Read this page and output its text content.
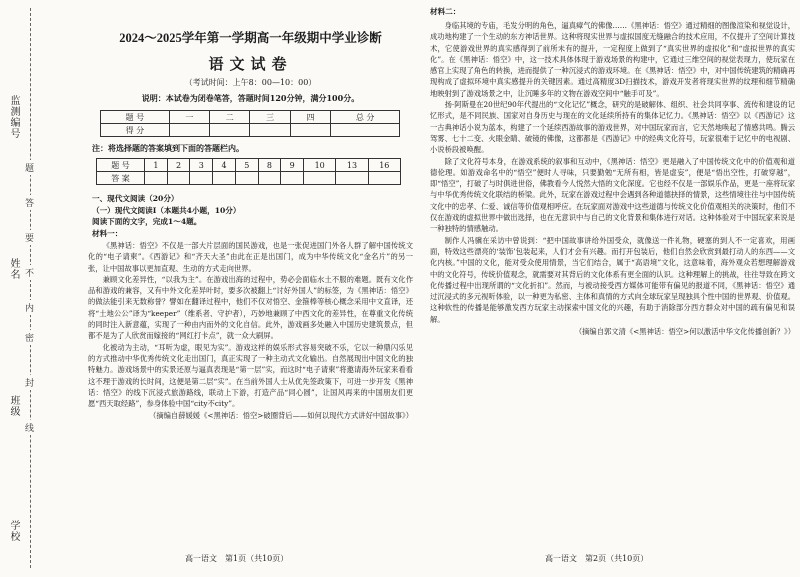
监测编号
姓名
班级
学校
密
封
线
内
不
要
答
题
2024～2025学年第一学期高一年级期中学业诊断
语文试卷
（考试时间：上午8：00—10：00）
说明：本试卷为闭卷笔答，答题时间120分钟，满分100分。
题 号	一	二	三	四	总 分
得 分					
注：将选择题的答案填到下面的答题栏内。
题 号	1	2	3	4	5	8	9	10	13	16
答 案										
一、现代文阅读（20分）
（一）现代文阅读Ⅰ（本题共4小题，10分）
阅读下面的文字，完成1～4题。
材料一：

《黑神话：悟空》不仅是一部大片层面的国民游戏，也是一张促进国门外各人群了解中国传统文化的“电子请柬”。《西游记》和“齐天大圣”由此在正是出国门，成为中华传统文化“金名片”的另一张，让中国故事以更加直观、生动的方式走向世界。

兼顾文化差异性，“以我为主”。在游戏出海的过程中，势必会面临水土不服的难题。既有文化作品和游戏的兼容，又有中外文化差异叶时，要多次被翻上“讨好外国人”的标签，为《黑神话：悟空》的做法能引来无数称誉？譬如在翻译过程中，他们不仅对悟空、金箍棒等核心概念采用中文直译，还将“土地公公”译为“keeper”（维系者、守护者），巧妙地兼顾了中西文化的差异性，在尊重文化传统的同时注入新意蕴，实现了一种由内而外的文化自信。此外，游戏画多处融入中国历史建筑景点，但都不是为了人欣赏而嫁接的“网红打卡点”，就一众大刷屏。

化被动为主动，“耳听为虚，眼见为实”。游戏这样的娱乐形式容易突破不乐，它以一种鼎闪乐见的方式推动中华优秀传统文化走出国门，真正实现了一种主动式文化输出。自然展现出中国文化的独特魅力。游戏场景中的实景还原与逼真表现是“第一层”实，而这时“电子请柬”将邀请海外玩家来看看这不理于游戏的长时间，这便是第二层“实”。在当前外国人士从优先签政策下，可进一步开发《黑神话：悟空》的线下沉浸式旅游路线，联动上下游，打造产品“同心圆”，让国风再来的中国朋友们更愿“西天取经路”，参身体验中国“city不city”。

（摘编自薛媛媛《<黑神话：悟空>破圈背后——如何以现代方式讲好中国故事》）
材料二：

身临其境的专庙，毛发分明的角色，逼真瘴气的佛像……《黑神话：悟空》通过精细的图像渲染和视觉设计，成功地构建了一个生动的东方神话世界。这种将现实世界与虚拟国度无缝融合的技术应用，不仅提升了空间计算技术，它使游戏世界的真实感得到了前所未有的提升，一定程度上做到了“真实世界的虚拟化”和“虚拟世界的真实化”。在《黑神话：悟空》中，这一技术具体体现于游戏场景的构建中，它通过三维空间的视觉表现力，使玩家在感官上实现了角色的转换，进而提供了一种沉浸式的游戏环境。在《黑神话：悟空》中，对中国传统建筑的精确再现构成了虚拟环境中真实感提升的关键因素。通过高精度3D扫描技术，游戏开发者将现实世界的纹理和细节精确地映射到了游戏场景之中，让沉睡多年的文物在游戏空间中“触手可及”。

扬·阿斯曼在20世纪90年代提出的“文化记忆”概念，研究的是破解体、组织、社会共同享事、流传和建设的记忆形式，是不同民族、国家对自身历史与现在的文化延续所持有的集体记忆力。《黑神话：悟空》以《西游记》这一古典神话小说为蓝本，构建了一个延续西游故事的游戏世界，对中国玩家而言，它天然地唤起了情感共鸣。腾云驾雾、七十二变、火眼金睛、破镜的佛像，这都都是《西游记》中的经典文化符号，玩家很难于记忆中的电视剧、小说桥段被唤醒。

除了文化符号本身，在游戏系统的叙事和互动中，《黑神话：悟空》更是融入了中国传统文化中的价值观和道德伦理。如游戏命名中的“悟空”便时人寻味，只要勤勉“无所有相，皆是虚妄”，便是“悟出空性，打破穿越”，即“悟空”，打破了与时俱进世俗，佛教看今人悦然大悟的文化深度。它也经不仅是一部娱乐作品，更是一座将玩家与中华优秀传统文化联结的桥梁。此外，玩家在游戏过程中会遇到各种道德抉择的情景，这些情境往往与中国传统文化中的忠孝、仁爱、诚信等价值观相呼应。在玩家面对游戏中这些道德与传统文化价值观相关的决策时，他们不仅在游戏的虚拟世界中做出选择，也在无意识中与自己的文化背景和集体进行对话。这种体验对于中国玩家来说是一种独特的情感触动。

制作人冯骥在采访中曾说到：“把中国故事讲给外国受众，就像送一件礼物，硬塞的到人不一定喜欢，用画面，特效这些漂亮的‘装饰’包装起来，人们才会有兴趣。而打开包装后，他们自然会欣赏到最打动人的东西——文化内核。”中国的文化，能对受众使用情景，当它们结合，属于“高语境”文化，这意味着，海外观众若想理解游戏中的文化符号，传统价值观念，就需要对其背后的文化体系有更全面的认识。这种理解上的挑战，往往导致在跨文化传播过程中出现所谓的“文化折扣”。然而，与被动接受西方媒体可能带有偏见的报道不同，《黑神话：悟空》通过沉浸式的多元视听体验，以一种更为私密、主体和真情的方式向全球玩家呈现独具个性中国的世界观、价值观。这种软性的传播是能够激发西方玩家主动探索中国文化的兴趣，有助于消除部分西方群众对中国的疏有偏见和误解。

（摘编自郭文清《<黑神话：悟空>何以激活中华文化传播创新？》）
高一语文　第1页（共10页）	高一语文　第2页（共10页）
